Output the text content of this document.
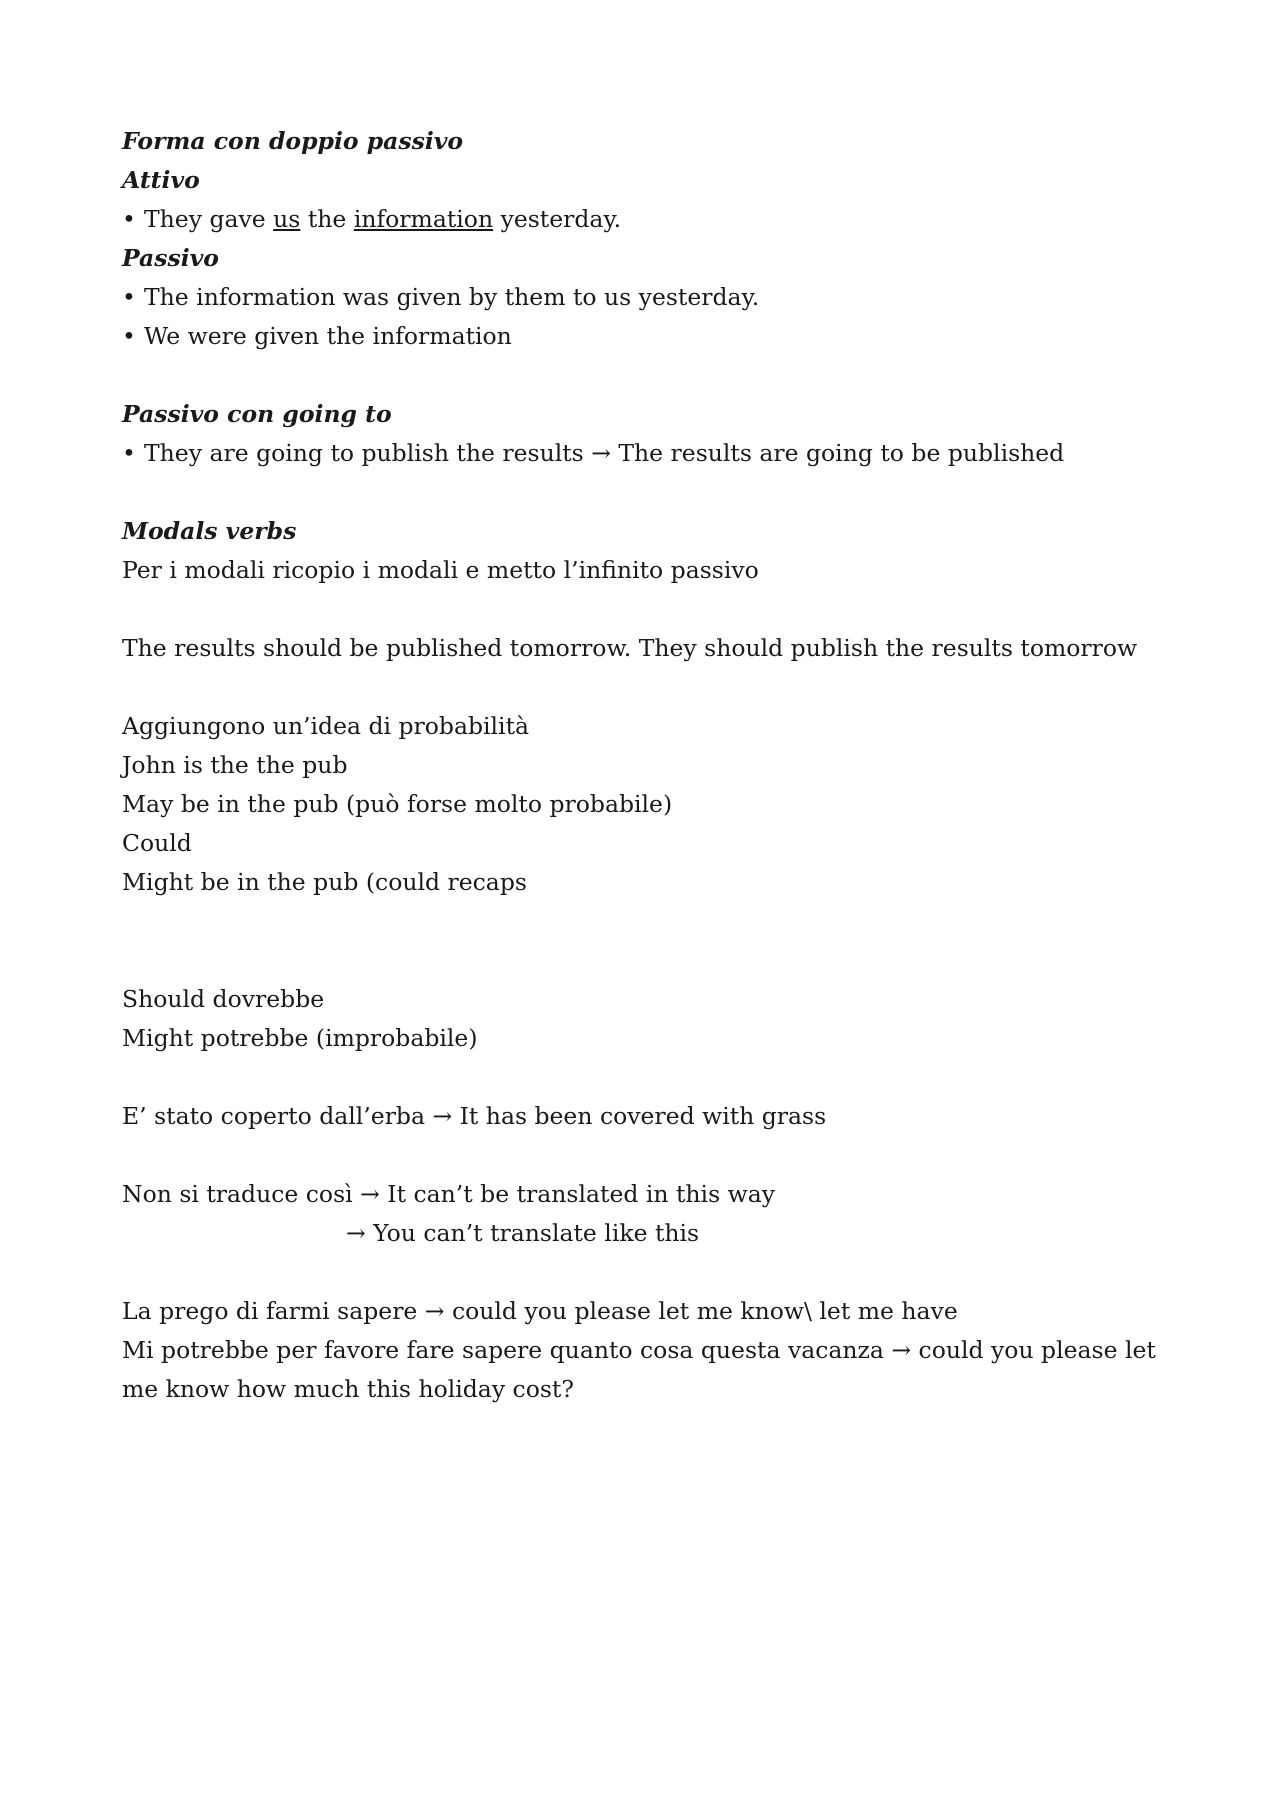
Forma con doppio passivo

Attivo

• They gave us the information yesterday.

Passivo

• The information was given by them to us yesterday.

• We were given the information

Passivo con going to

• They are going to publish the results → The results are going to be published

Modals verbs

Per i modali ricopio i modali e metto l’infinito passivo

The results should be published tomorrow. They should publish the results tomorrow

Aggiungono un’idea di probabilità

John is the the pub

May be in the pub (può forse molto probabile)

Could

Might be in the pub (could recaps

Should dovrebbe

Might potrebbe (improbabile)

E’ stato coperto dall’erba → It has been covered with grass

Non si traduce così → It can’t be translated in this way

→ You can’t translate like this

La prego di farmi sapere → could you please let me know\ let me have

Mi potrebbe per favore fare sapere quanto cosa questa vacanza → could you please let me know how much this holiday cost?
